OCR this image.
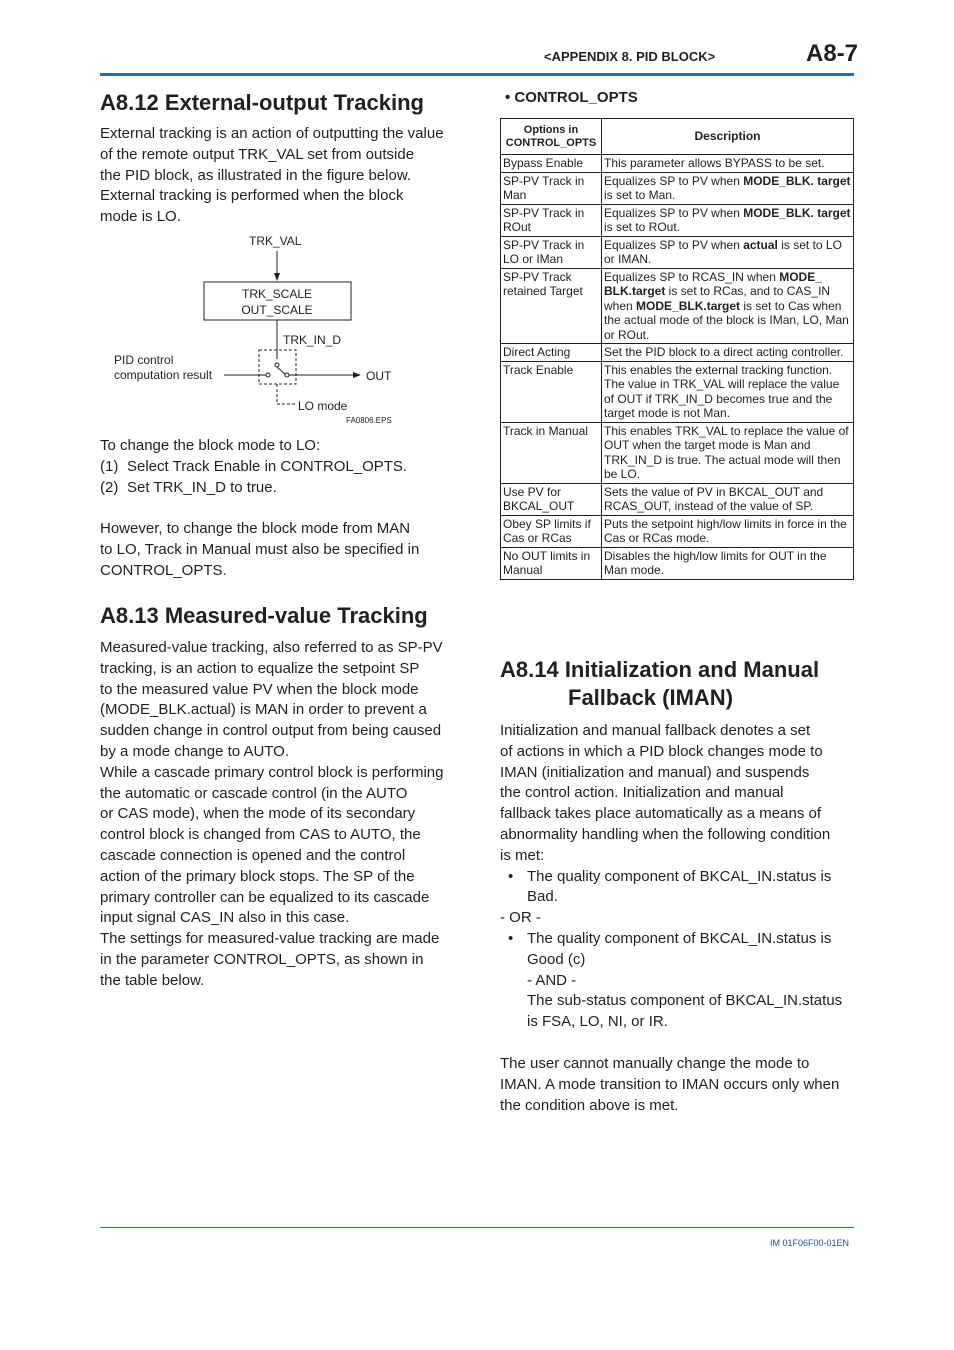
<APPENDIX 8. PID BLOCK>	A8-7
A8.12 External-output Tracking
External tracking is an action of outputting the value
of the remote output TRK_VAL set from outside
the PID block, as illustrated in the figure below.
External tracking is performed when the block
mode is LO.
TRK_VAL
TRK_SCALE
OUT_SCALE
TRK_IN_D
PID control
computation result	OUT
LO mode
FA0806.EPS
To change the block mode to LO:
(1) Select Track Enable in CONTROL_OPTS.
(2) Set TRK_IN_D to true.
However, to change the block mode from MAN
to LO, Track in Manual must also be specified in
CONTROL_OPTS.
A8.13 Measured-value Tracking
Measured-value tracking, also referred to as SP-PV
tracking, is an action to equalize the setpoint SP
to the measured value PV when the block mode
(MODE_BLK.actual) is MAN in order to prevent a
sudden change in control output from being caused
by a mode change to AUTO.
While a cascade primary control block is performing
the automatic or cascade control (in the AUTO
or CAS mode), when the mode of its secondary
control block is changed from CAS to AUTO, the
cascade connection is opened and the control
action of the primary block stops. The SP of the
primary controller can be equalized to its cascade
input signal CAS_IN also in this case.
The settings for measured-value tracking are made
in the parameter CONTROL_OPTS, as shown in
the table below.
• CONTROL_OPTS
Options in
CONTROL_OPTS	Description
Bypass Enable	This parameter allows BYPASS to be set.
SP-PV Track in Man	Equalizes SP to PV when MODE_BLK. target is set to Man.
SP-PV Track in ROut	Equalizes SP to PV when MODE_BLK. target is set to ROut.
SP-PV Track in LO or IMan	Equalizes SP to PV when actual is set to LO or IMAN.
SP-PV Track retained Target	Equalizes SP to RCAS_IN when MODE_ BLK.target is set to RCas, and to CAS_IN when MODE_BLK.target is set to Cas when the actual mode of the block is IMan, LO, Man or ROut.
Direct Acting	Set the PID block to a direct acting controller.
Track Enable	This enables the external tracking function. The value in TRK_VAL will replace the value of OUT if TRK_IN_D becomes true and the target mode is not Man.
Track in Manual	This enables TRK_VAL to replace the value of OUT when the target mode is Man and TRK_IN_D is true. The actual mode will then be LO.
Use PV for BKCAL_OUT	Sets the value of PV in BKCAL_OUT and RCAS_OUT, instead of the value of SP.
Obey SP limits if Cas or RCas	Puts the setpoint high/low limits in force in the Cas or RCas mode.
No OUT limits in Manual	Disables the high/low limits for OUT in the Man mode.
A8.14 Initialization and Manual
Fallback (IMAN)
Initialization and manual fallback denotes a set
of actions in which a PID block changes mode to
IMAN (initialization and manual) and suspends
the control action. Initialization and manual
fallback takes place automatically as a means of
abnormality handling when the following condition
is met:
• The quality component of BKCAL_IN.status is
Bad.
- OR -
• The quality component of BKCAL_IN.status is
Good (c)
- AND -
The sub-status component of BKCAL_IN.status
is FSA, LO, NI, or IR.
The user cannot manually change the mode to
IMAN. A mode transition to IMAN occurs only when
the condition above is met.
IM 01F06F00-01EN
